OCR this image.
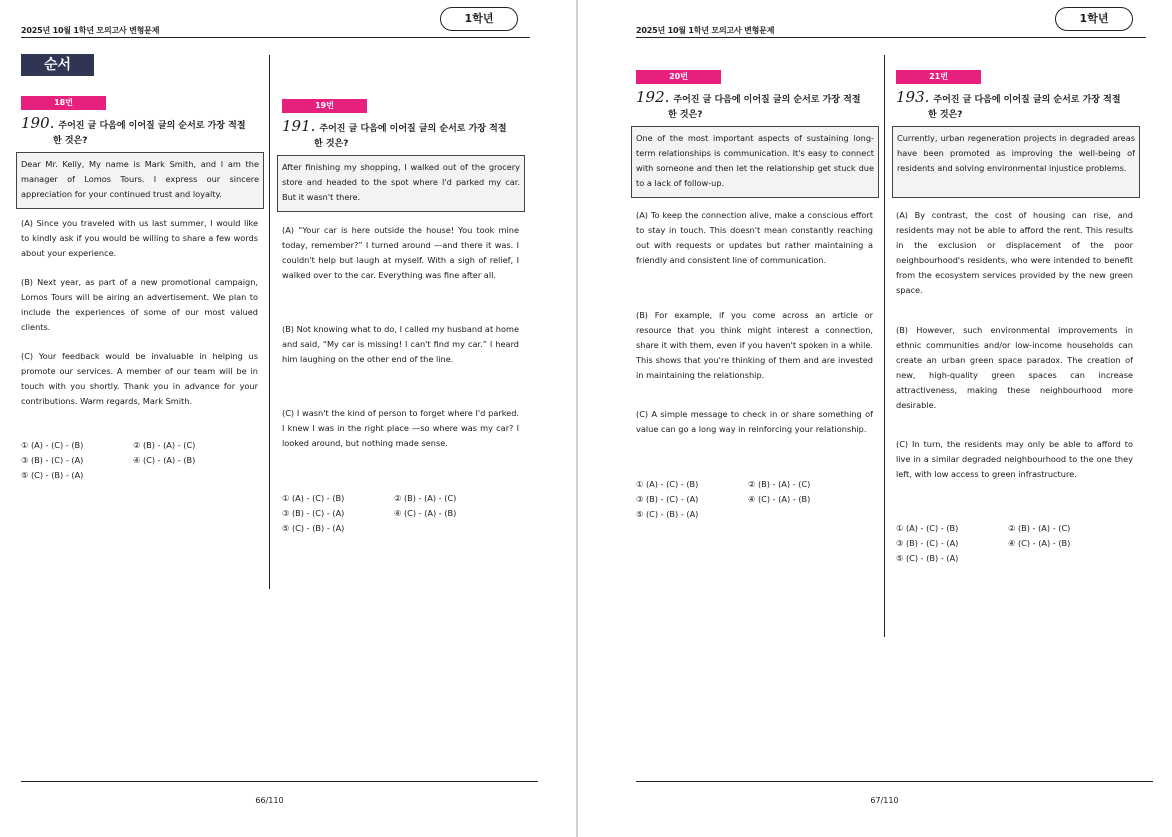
2025년 10월 1학년 모의고사 변형문제
1학년
순서
18번
190. 주어진 글 다음에 이어질 글의 순서로 가장 적절
한 것은?
Dear Mr. Kelly, My name is Mark Smith, and I am the manager of Lomos Tours. I express our sincere appreciation for your continued trust and loyalty.
(A) Since you traveled with us last summer, I would like to kindly ask if you would be willing to share a few words about your experience.
(B) Next year, as part of a new promotional campaign, Lomos Tours will be airing an advertisement. We plan to include the experiences of some of our most valued clients.
(C) Your feedback would be invaluable in helping us promote our services. A member of our team will be in touch with you shortly. Thank you in advance for your contributions. Warm regards, Mark Smith.
① (A) - (C) - (B)	② (B) - (A) - (C)
③ (B) - (C) - (A)	④ (C) - (A) - (B)
⑤ (C) - (B) - (A)
19번
191. 주어진 글 다음에 이어질 글의 순서로 가장 적절
한 것은?
After finishing my shopping, I walked out of the grocery store and headed to the spot where I'd parked my car. But it wasn't there.
(A) “Your car is here outside the house! You took mine today, remember?” I turned around —and there it was. I couldn't help but laugh at myself. With a sigh of relief, I walked over to the car. Everything was fine after all.
(B) Not knowing what to do, I called my husband at home and said, “My car is missing! I can't find my car.” I heard him laughing on the other end of the line.
(C) I wasn't the kind of person to forget where I'd parked. I knew I was in the right place —so where was my car? I looked around, but nothing made sense.
① (A) - (C) - (B)	② (B) - (A) - (C)
③ (B) - (C) - (A)	④ (C) - (A) - (B)
⑤ (C) - (B) - (A)
66/110
2025년 10월 1학년 모의고사 변형문제
1학년
20번
192. 주어진 글 다음에 이어질 글의 순서로 가장 적절
한 것은?
One of the most important aspects of sustaining long-term relationships is communication. It's easy to connect with someone and then let the relationship get stuck due to a lack of follow-up.
(A) To keep the connection alive, make a conscious effort to stay in touch. This doesn't mean constantly reaching out with requests or updates but rather maintaining a friendly and consistent line of communication.
(B) For example, if you come across an article or resource that you think might interest a connection, share it with them, even if you haven't spoken in a while. This shows that you're thinking of them and are invested in maintaining the relationship.
(C) A simple message to check in or share something of value can go a long way in reinforcing your relationship.
① (A) - (C) - (B)	② (B) - (A) - (C)
③ (B) - (C) - (A)	④ (C) - (A) - (B)
⑤ (C) - (B) - (A)
21번
193. 주어진 글 다음에 이어질 글의 순서로 가장 적절
한 것은?
Currently, urban regeneration projects in degraded areas have been promoted as improving the well-being of residents and solving environmental injustice problems.
(A) By contrast, the cost of housing can rise, and residents may not be able to afford the rent. This results in the exclusion or displacement of the poor neighbourhood's residents, who were intended to benefit from the ecosystem services provided by the new green space.
(B) However, such environmental improvements in ethnic communities and/or low-income households can create an urban green space paradox. The creation of new, high-quality green spaces can increase attractiveness, making these neighbourhood more desirable.
(C) In turn, the residents may only be able to afford to live in a similar degraded neighbourhood to the one they left, with low access to green infrastructure.
① (A) - (C) - (B)	② (B) - (A) - (C)
③ (B) - (C) - (A)	④ (C) - (A) - (B)
⑤ (C) - (B) - (A)
67/110
